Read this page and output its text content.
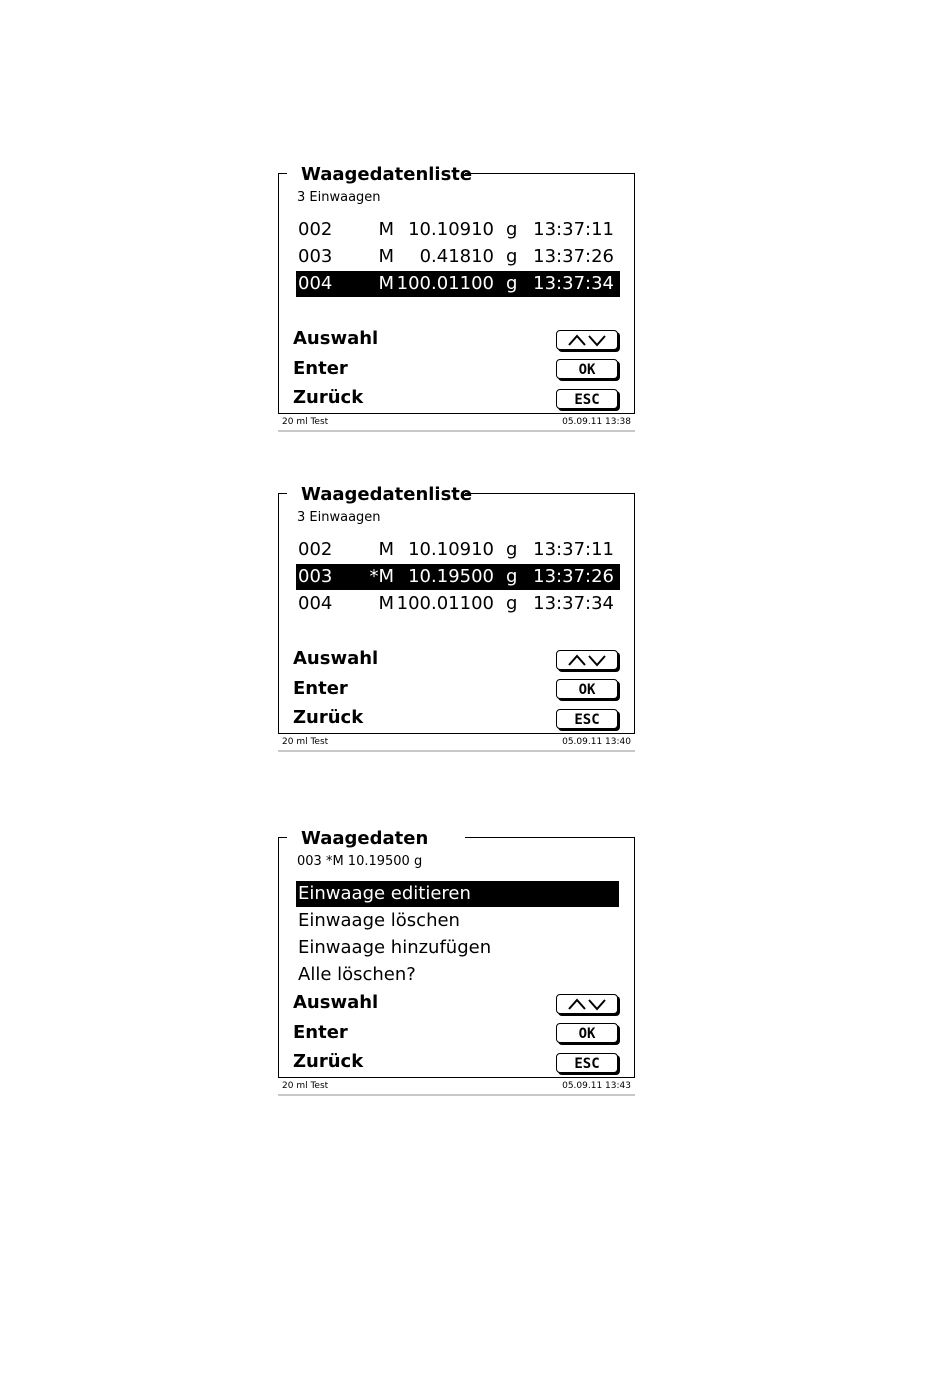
Waagedatenliste
3 Einwaagen
002	M 10.10910 g 13:37:11
003	M 0.41810 g 13:37:26
004	M 100.01100 g 13:37:34
Auswahl
Enter	OK
Zurück	ESC
20 ml Test	05.09.11 13:38
Waagedatenliste
3 Einwaagen
002	M 10.10910 g 13:37:11
003 *M 10.19500 g 13:37:26
004	M 100.01100 g 13:37:34
Auswahl
Enter	OK
Zurück	ESC
20 ml Test	05.09.11 13:40
Waagedaten
003 *M 10.19500 g
Einwaage editieren
Einwaage löschen
Einwaage hinzufügen
Alle löschen?
Auswahl
Enter	OK
Zurück	ESC
20 ml Test	05.09.11 13:43
